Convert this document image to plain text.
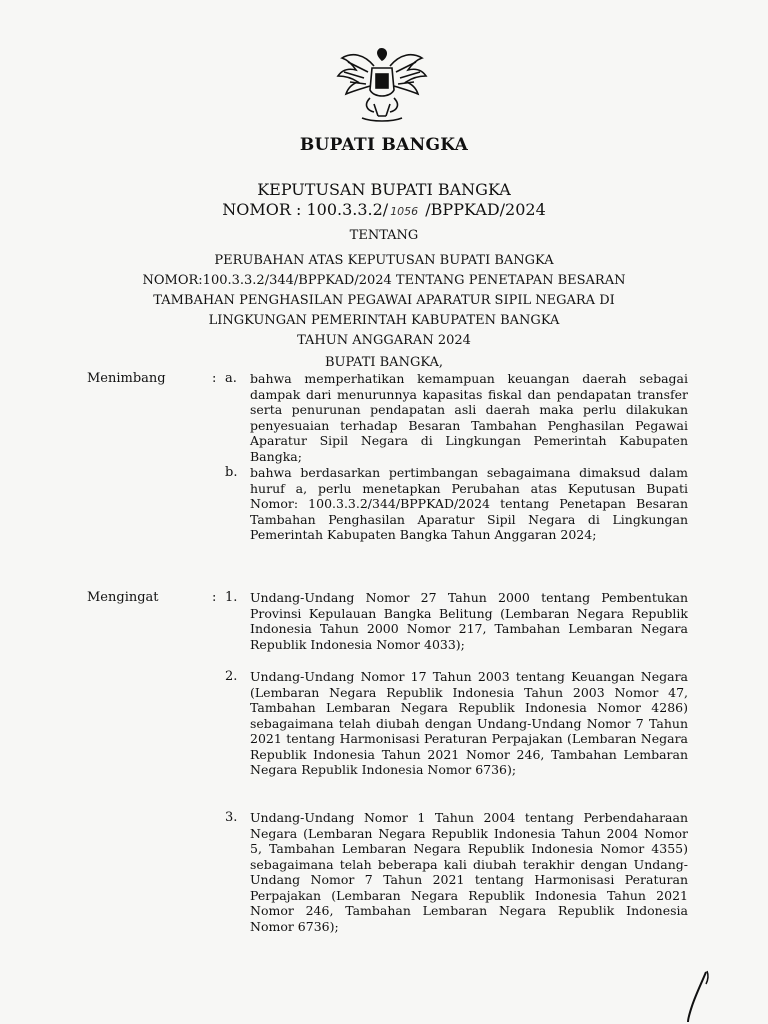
BUPATI BANGKA
KEPUTUSAN BUPATI BANGKA
NOMOR : 100.3.3.2/ 1056 /BPPKAD/2024
TENTANG
PERUBAHAN ATAS KEPUTUSAN BUPATI BANGKA
NOMOR:100.3.3.2/344/BPPKAD/2024 TENTANG PENETAPAN BESARAN
TAMBAHAN PENGHASILAN PEGAWAI APARATUR SIPIL NEGARA DI
LINGKUNGAN PEMERINTAH KABUPATEN BANGKA
TAHUN ANGGARAN 2024
BUPATI BANGKA,
Menimbang	: a. bahwa memperhatikan kemampuan keuangan daerah sebagai dampak dari menurunnya kapasitas fiskal dan pendapatan transfer serta penurunan pendapatan asli daerah maka perlu dilakukan penyesuaian terhadap Besaran Tambahan Penghasilan Pegawai Aparatur Sipil Negara di Lingkungan Pemerintah Kabupaten Bangka;
b. bahwa berdasarkan pertimbangan sebagaimana dimaksud dalam huruf a, perlu menetapkan Perubahan atas Keputusan Bupati Nomor: 100.3.3.2/344/BPPKAD/2024 tentang Penetapan Besaran Tambahan Penghasilan Aparatur Sipil Negara di Lingkungan Pemerintah Kabupaten Bangka Tahun Anggaran 2024;
Mengingat	: 1. Undang-Undang Nomor 27 Tahun 2000 tentang Pembentukan Provinsi Kepulauan Bangka Belitung (Lembaran Negara Republik Indonesia Tahun 2000 Nomor 217, Tambahan Lembaran Negara Republik Indonesia Nomor 4033);
2. Undang-Undang Nomor 17 Tahun 2003 tentang Keuangan Negara (Lembaran Negara Republik Indonesia Tahun 2003 Nomor 47, Tambahan Lembaran Negara Republik Indonesia Nomor 4286) sebagaimana telah diubah dengan Undang-Undang Nomor 7 Tahun 2021 tentang Harmonisasi Peraturan Perpajakan (Lembaran Negara Republik Indonesia Tahun 2021 Nomor 246, Tambahan Lembaran Negara Republik Indonesia Nomor 6736);
3. Undang-Undang Nomor 1 Tahun 2004 tentang Perbendaharaan Negara (Lembaran Negara Republik Indonesia Tahun 2004 Nomor 5, Tambahan Lembaran Negara Republik Indonesia Nomor 4355) sebagaimana telah beberapa kali diubah terakhir dengan Undang-Undang Nomor 7 Tahun 2021 tentang Harmonisasi Peraturan Perpajakan (Lembaran Negara Republik Indonesia Tahun 2021 Nomor 246, Tambahan Lembaran Negara Republik Indonesia Nomor 6736);
